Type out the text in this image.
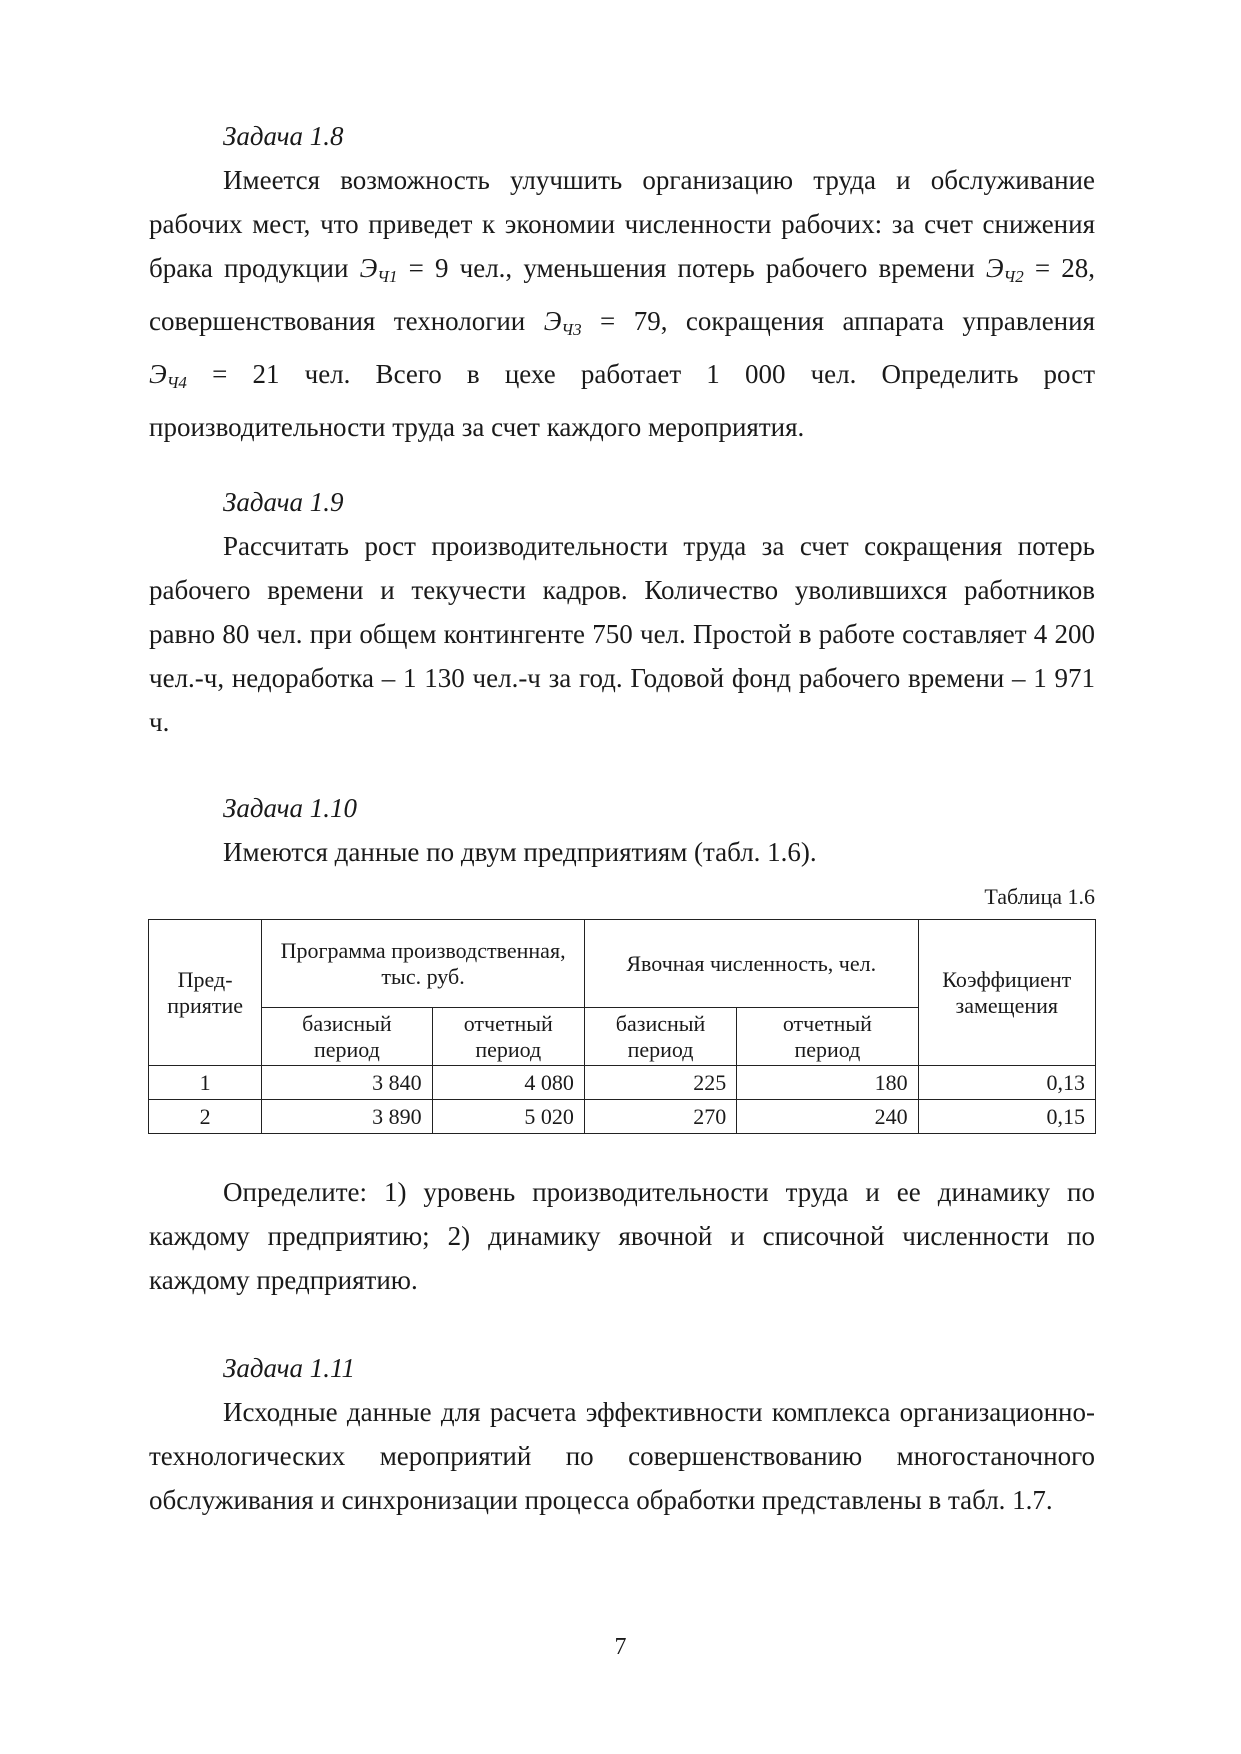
Задача 1.8

Имеется возможность улучшить организацию труда и обслуживание рабочих мест, что приведет к экономии численности рабочих: за счет снижения брака продукции $Э_{Ч1} = 9$ чел., уменьшения потерь рабочего времени $Э_{Ч2} = 28$, совершенствования технологии $Э_{Ч3} = 79$, сокращения аппарата управления $Э_{Ч4} = 21$ чел. Всего в цехе работает 1 000 чел. Определить рост производительности труда за счет каждого мероприятия.

Задача 1.9

Рассчитать рост производительности труда за счет сокращения потерь рабочего времени и текучести кадров. Количество уволившихся работников равно 80 чел. при общем контингенте 750 чел. Простой в работе составляет 4 200 чел.-ч, недоработка – 1 130 чел.-ч за год. Годовой фонд рабочего времени – 1 971 ч.

Задача 1.10

Имеются данные по двум предприятиям (табл. 1.6).

Таблица 1.6
Пред-приятие	Программа производственная, тыс. руб.		Явочная численность, чел.		Коэффициент замещения
	базисный период	отчетный период	базисный период	отчетный период	
1	3 840	4 080	225	180	0,13
2	3 890	5 020	270	240	0,15

Определите: 1) уровень производительности труда и ее динамику по каждому предприятию; 2) динамику явочной и списочной численности по каждому предприятию.

Задача 1.11

Исходные данные для расчета эффективности комплекса организационно-технологических мероприятий по совершенствованию многостаночного обслуживания и синхронизации процесса обработки представлены в табл. 1.7.

7
